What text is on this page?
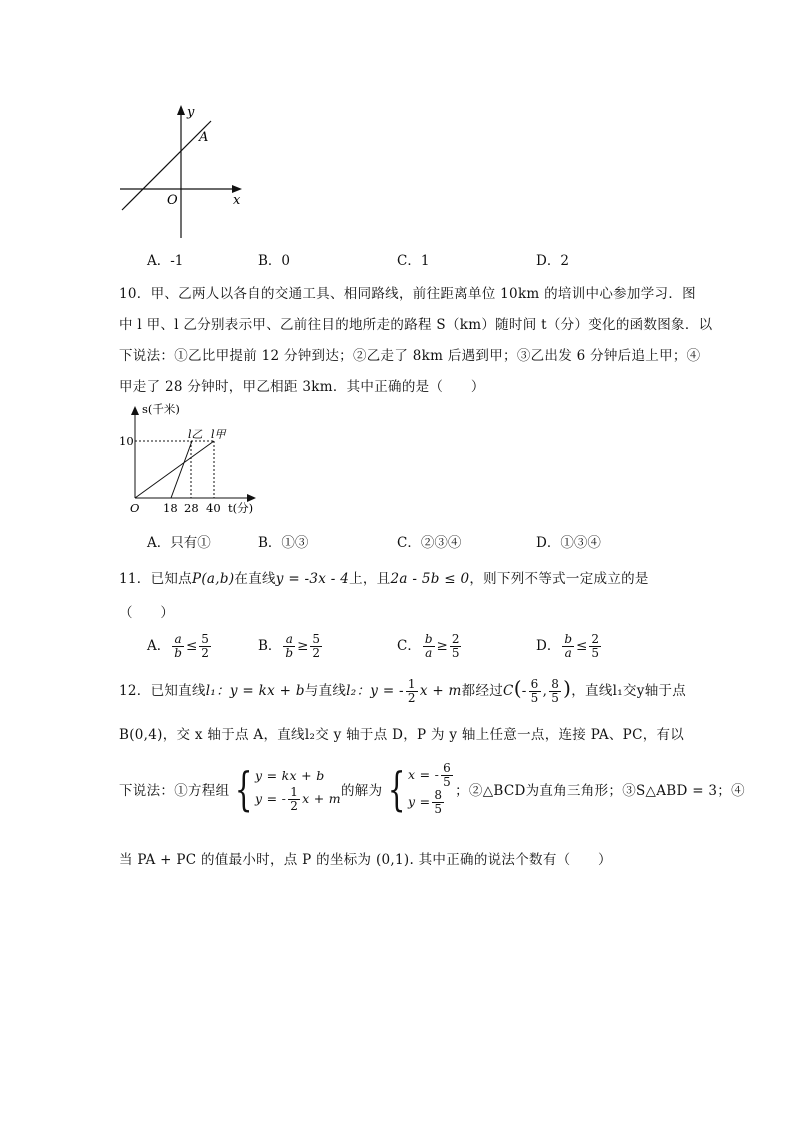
y
A
O	x
A．-1	B．0	C．1	D．2
10．甲、乙两人以各自的交通工具、相同路线，前往距离单位 10km 的培训中心参加学习．图
中 l 甲、l 乙分别表示甲、乙前往目的地所走的路程 S（km）随时间 t（分）变化的函数图象．以
下说法：①乙比甲提前 12 分钟到达；②乙走了 8km 后遇到甲；③乙出发 6 分钟后追上甲；④
甲走了 28 分钟时，甲乙相距 3km．其中正确的是（　　）
s(千米)
10	l乙 l甲
O 18 28 40 t(分)
A．只有①	B．①③	C．②③④	D．①③④
11．已知点P(a,b)在直线y = -3x - 4上，且2a - 5b ≤ 0，则下列不等式一定成立的是
（　　）
A． $\frac{a}{b} \le \frac{5}{2}$	B． $\frac{a}{b} \ge \frac{5}{2}$	C． $\frac{b}{a} \ge \frac{2}{5}$	D． $\frac{b}{a} \le \frac{2}{5}$
12．已知直线l₁：y = kx + b与直线l₂：y = - $\frac{1}{2}$ x + m都经过$C(- \frac{6}{5}$ , $\frac{8}{5}$ )，直线l₁交y轴于点
B(0,4)，交 x 轴于点 A，直线l₂交 y 轴于点 D，P 为 y 轴上任意一点，连接 PA、PC，有以
下说法：①方程组 { y = kx + b
y = - $\frac{1}{2}$ x + m 的解为 { x = - $\frac{6}{5}$
$y = \frac{8}{5}$ ；②△BCD为直角三角形；③S△ABD = 3；④
当 PA + PC 的值最小时，点 P 的坐标为 (0,1). 其中正确的说法个数有（　　）
